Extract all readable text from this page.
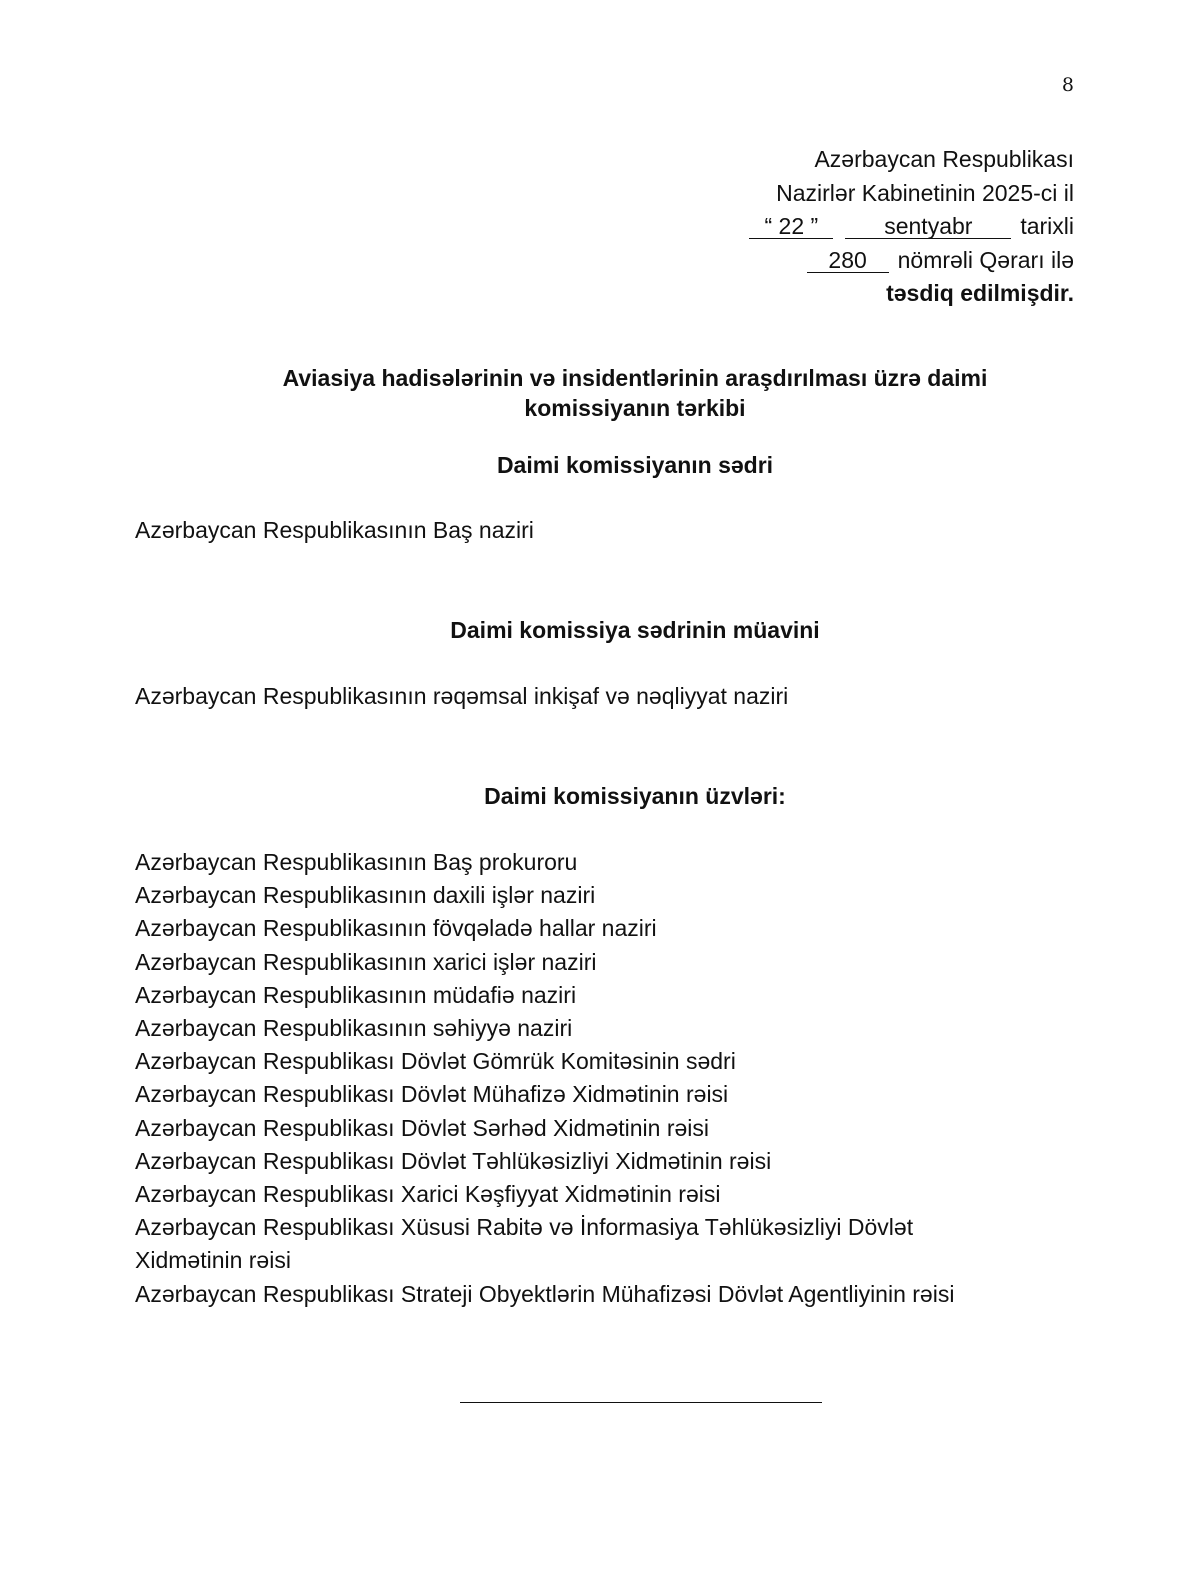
8
Azərbaycan Respublikası
Nazirlər Kabinetinin 2025-ci il
“ 22 ”	sentyabr tarixli
280 nömrəli Qərarı ilə
təsdiq edilmişdir.
Aviasiya hadisələrinin və insidentlərinin araşdırılması üzrə daimi
komissiyanın tərkibi
Daimi komissiyanın sədri
Azərbaycan Respublikasının Baş naziri
Daimi komissiya sədrinin müavini
Azərbaycan Respublikasının rəqəmsal inkişaf və nəqliyyat naziri
Daimi komissiyanın üzvləri:
Azərbaycan Respublikasının Baş prokuroru
Azərbaycan Respublikasının daxili işlər naziri
Azərbaycan Respublikasının fövqəladə hallar naziri
Azərbaycan Respublikasının xarici işlər naziri
Azərbaycan Respublikasının müdafiə naziri
Azərbaycan Respublikasının səhiyyə naziri
Azərbaycan Respublikası Dövlət Gömrük Komitəsinin sədri
Azərbaycan Respublikası Dövlət Mühafizə Xidmətinin rəisi
Azərbaycan Respublikası Dövlət Sərhəd Xidmətinin rəisi
Azərbaycan Respublikası Dövlət Təhlükəsizliyi Xidmətinin rəisi
Azərbaycan Respublikası Xarici Kəşfiyyat Xidmətinin rəisi
Azərbaycan Respublikası Xüsusi Rabitə və İnformasiya Təhlükəsizliyi Dövlət Xidmətinin rəisi
Azərbaycan Respublikası Strateji Obyektlərin Mühafizəsi Dövlət Agentliyinin rəisi
